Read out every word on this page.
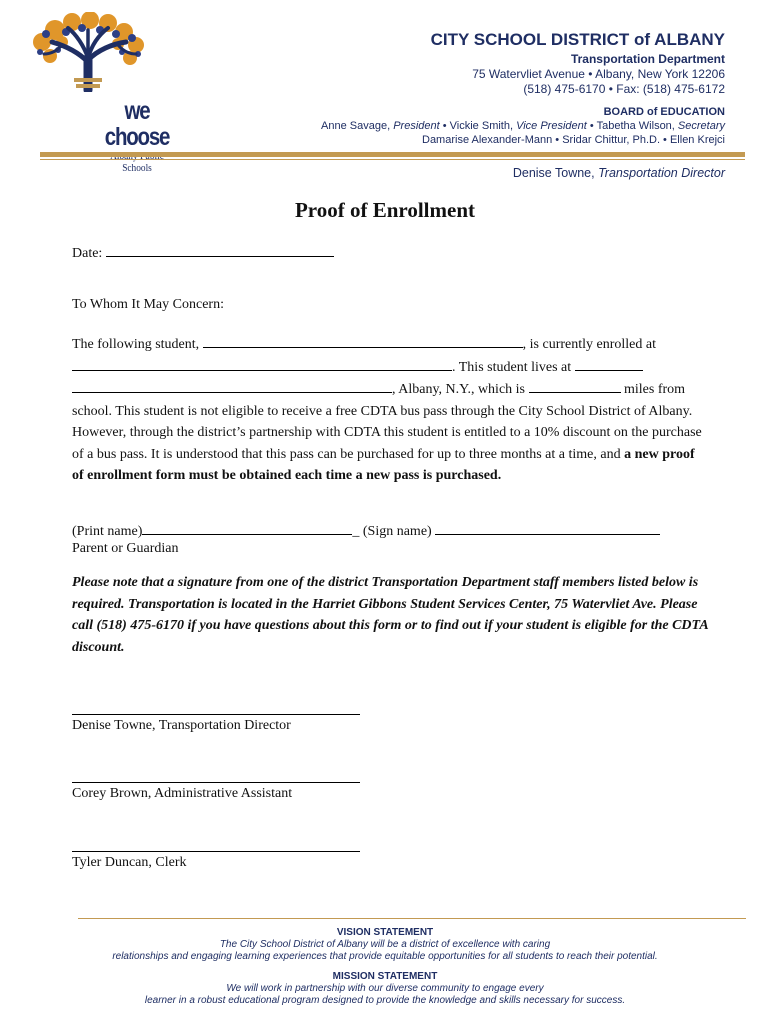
we choose
Schools
CITY SCHOOL DISTRICT of ALBANY
Transportation Department
75 Watervliet Avenue • Albany, New York 12206
(518) 475-6170 • Fax: (518) 475-6172
BOARD of EDUCATION
Anne Savage, President • Vickie Smith, Vice President • Tabetha Wilson, Secretary
Damarise Alexander-Mann • Sridar Chittur, Ph.D. • Ellen Krejci
Denise Towne, Transportation Director
Proof of Enrollment
Date:
To Whom It May Concern:
The following student,	, is currently enrolled at
. This student lives at
, Albany, N.Y., which is	miles from
school. This student is not eligible to receive a free CDTA bus pass through the City School District of Albany. However, through the district’s partnership with CDTA this student is entitled to a 10% discount on the purchase of a bus pass. It is understood that this pass can be purchased for up to three months at a time, and a new proof of enrollment form must be obtained each time a new pass is purchased.
(Print name)	_ (Sign name)
Parent or Guardian
Please note that a signature from one of the district Transportation Department staff members listed below is required. Transportation is located in the Harriet Gibbons Student Services Center, 75 Watervliet Ave. Please call (518) 475-6170 if you have questions about this form or to find out if your student is eligible for the CDTA discount.
Denise Towne, Transportation Director
Corey Brown, Administrative Assistant
Tyler Duncan, Clerk
VISION STATEMENT
The City School District of Albany will be a district of excellence with caring
relationships and engaging learning experiences that provide equitable opportunities for all students to reach their potential.
MISSION STATEMENT
We will work in partnership with our diverse community to engage every
learner in a robust educational program designed to provide the knowledge and skills necessary for success.
